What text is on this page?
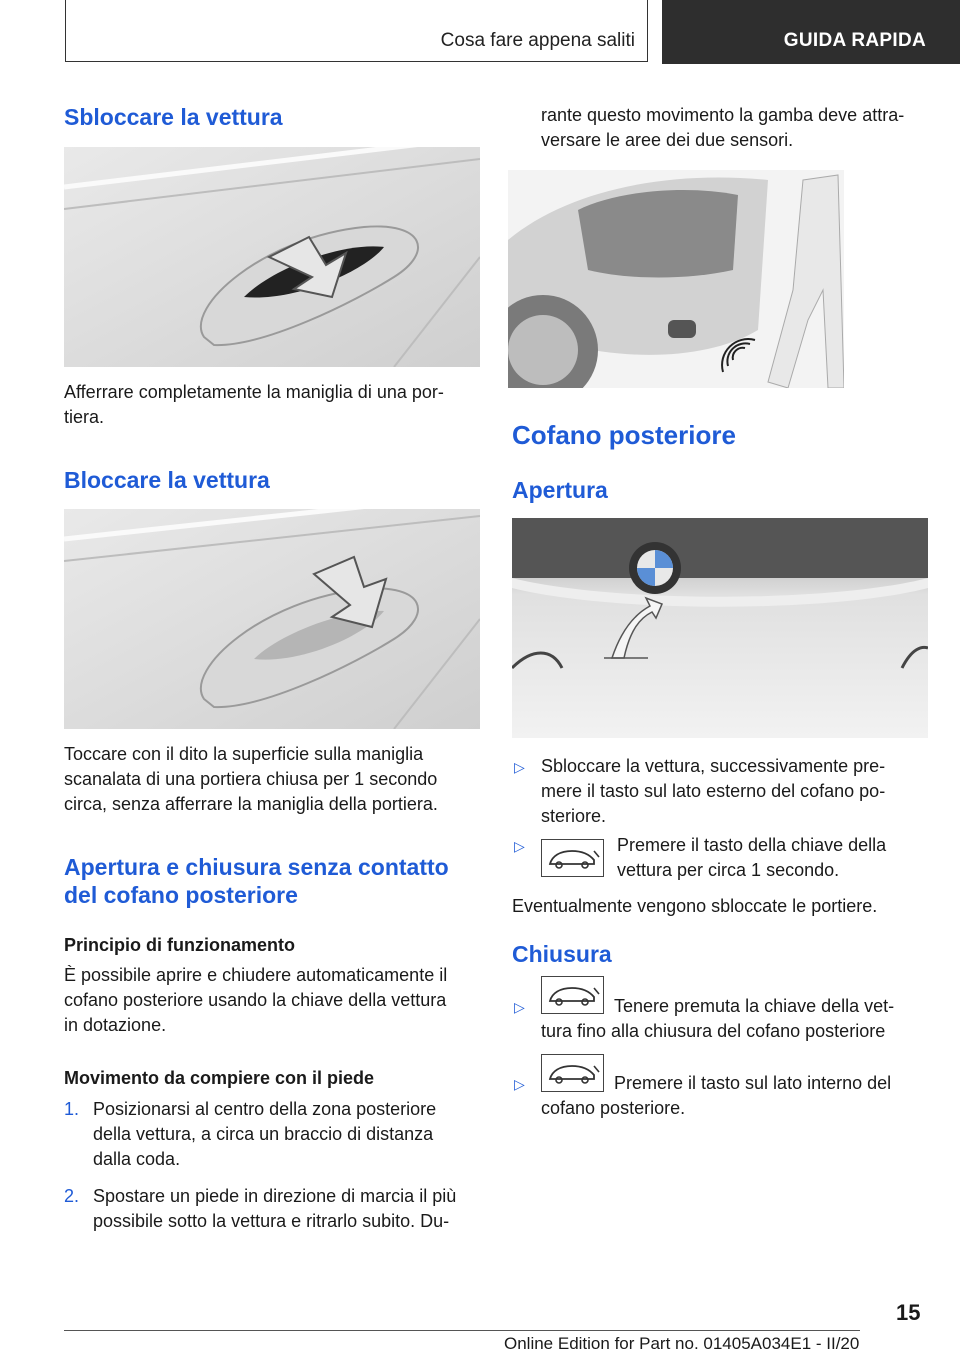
Cosa fare appena saliti	GUIDA RAPIDA
Sbloccare la vettura

Afferrare completamente la maniglia di una por-
tiera.

Bloccare la vettura

Toccare con il dito la superficie sulla maniglia
scanalata di una portiera chiusa per 1 secondo
circa, senza afferrare la maniglia della portiera.

Apertura e chiusura senza contatto
del cofano posteriore
Principio di funzionamento

È possibile aprire e chiudere automaticamente il
cofano posteriore usando la chiave della vettura
in dotazione.

Movimento da compiere con il piede
1. Posizionarsi al centro della zona posteriore
della vettura, a circa un braccio di distanza
dalla coda.
2. Spostare un piede in direzione di marcia il più
possibile sotto la vettura e ritrarlo subito. Du-

rante questo movimento la gamba deve attra-
versare le aree dei due sensori.

Cofano posteriore
Apertura
▷ Sbloccare la vettura, successivamente pre-
mere il tasto sul lato esterno del cofano po-
steriore.
▷	Premere il tasto della chiave della
vettura per circa 1 secondo.

Eventualmente vengono sbloccate le portiere.

Chiusura
▷	Tenere premuta la chiave della vet-
tura fino alla chiusura del cofano posteriore
▷	Premere il tasto sul lato interno del
cofano posteriore.
15
Online Edition for Part no. 01405A034E1 - II/20
